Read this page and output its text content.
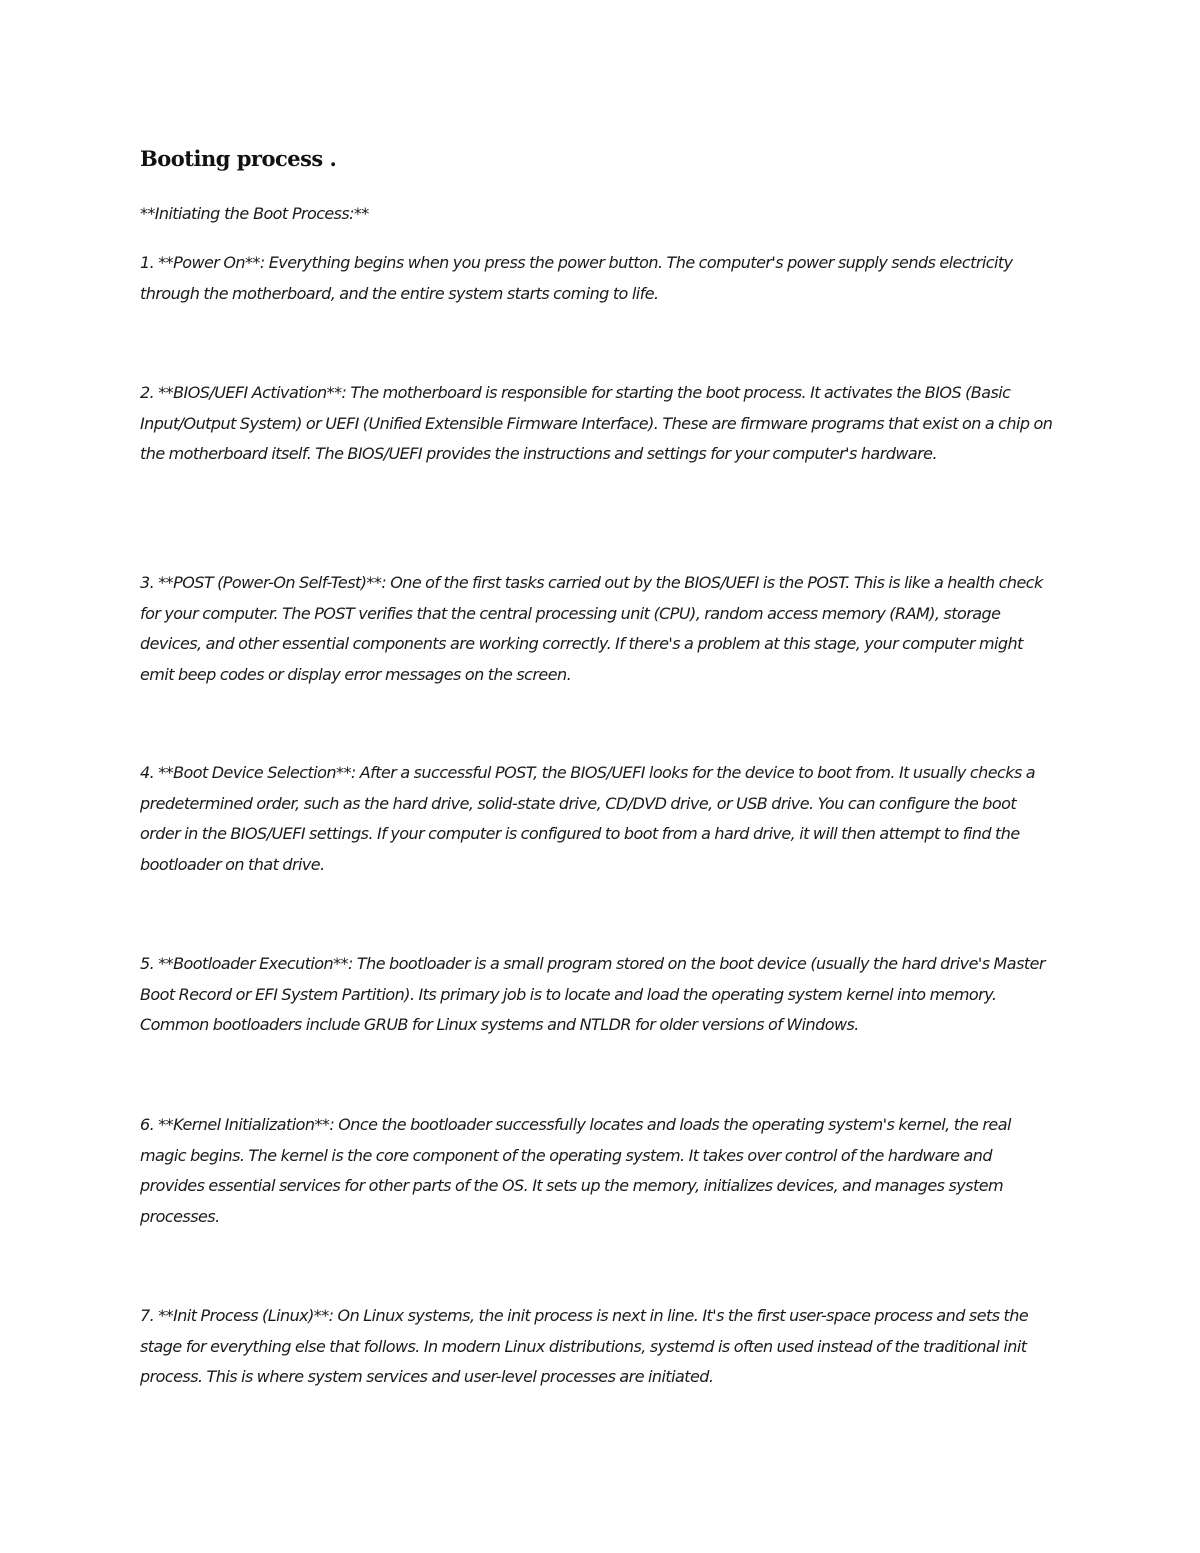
Booting process .

**Initiating the Boot Process:**

1. **Power On**: Everything begins when you press the power button. The computer's power supply sends electricity through the motherboard, and the entire system starts coming to life.

2. **BIOS/UEFI Activation**: The motherboard is responsible for starting the boot process. It activates the BIOS (Basic Input/Output System) or UEFI (Unified Extensible Firmware Interface). These are firmware programs that exist on a chip on the motherboard itself. The BIOS/UEFI provides the instructions and settings for your computer's hardware.

3. **POST (Power-On Self-Test)**: One of the first tasks carried out by the BIOS/UEFI is the POST. This is like a health check for your computer. The POST verifies that the central processing unit (CPU), random access memory (RAM), storage devices, and other essential components are working correctly. If there's a problem at this stage, your computer might emit beep codes or display error messages on the screen.

4. **Boot Device Selection**: After a successful POST, the BIOS/UEFI looks for the device to boot from. It usually checks a predetermined order, such as the hard drive, solid-state drive, CD/DVD drive, or USB drive. You can configure the boot order in the BIOS/UEFI settings. If your computer is configured to boot from a hard drive, it will then attempt to find the bootloader on that drive.

5. **Bootloader Execution**: The bootloader is a small program stored on the boot device (usually the hard drive's Master Boot Record or EFI System Partition). Its primary job is to locate and load the operating system kernel into memory. Common bootloaders include GRUB for Linux systems and NTLDR for older versions of Windows.

6. **Kernel Initialization**: Once the bootloader successfully locates and loads the operating system's kernel, the real magic begins. The kernel is the core component of the operating system. It takes over control of the hardware and provides essential services for other parts of the OS. It sets up the memory, initializes devices, and manages system processes.

7. **Init Process (Linux)**: On Linux systems, the init process is next in line. It's the first user-space process and sets the stage for everything else that follows. In modern Linux distributions, systemd is often used instead of the traditional init process. This is where system services and user-level processes are initiated.
